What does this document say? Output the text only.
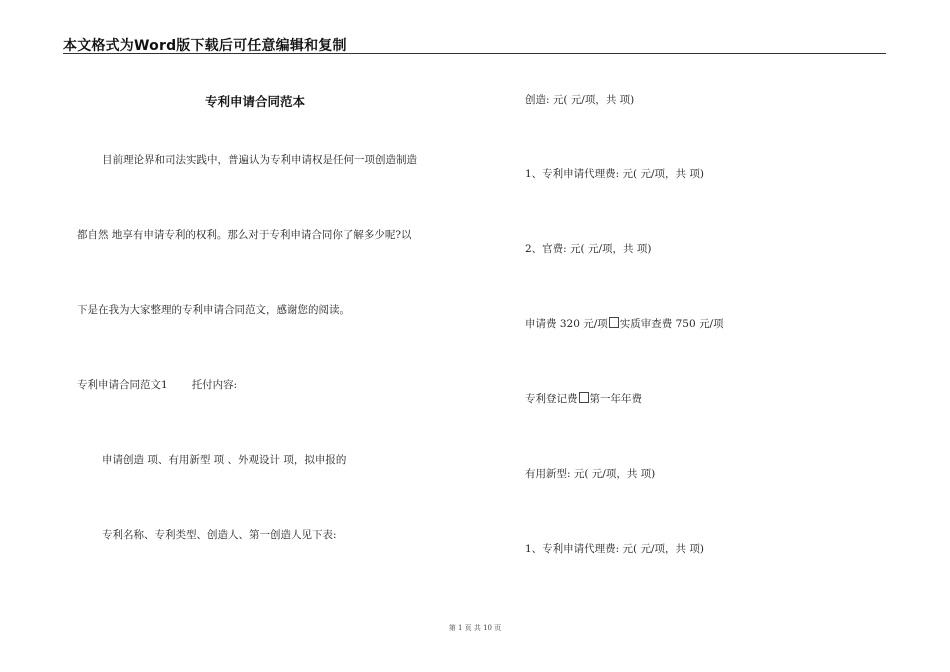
本文格式为Word版下载后可任意编辑和复制
专利申请合同范本
目前理论界和司法实践中，普遍认为专利申请权是任何一项创造制造
都自然 地享有申请专利的权利。那么对于专利申请合同你了解多少呢?以
下是在我为大家整理的专利申请合同范文，感谢您的阅读。
专利申请合同范文1 托付内容:
申请创造 项、有用新型 项 、外观设计 项，拟申报的
专利名称、专利类型、创造人、第一创造人见下表:
创造: 元( 元/项，共 项)
1、专利申请代理费: 元( 元/项，共 项)
2、官费: 元( 元/项，共 项)
申请费 320 元/项 实质审查费 750 元/项
专利登记费 第一年年费
有用新型: 元( 元/项，共 项)
1、专利申请代理费: 元( 元/项，共 项)
第 1 页 共 10 页
